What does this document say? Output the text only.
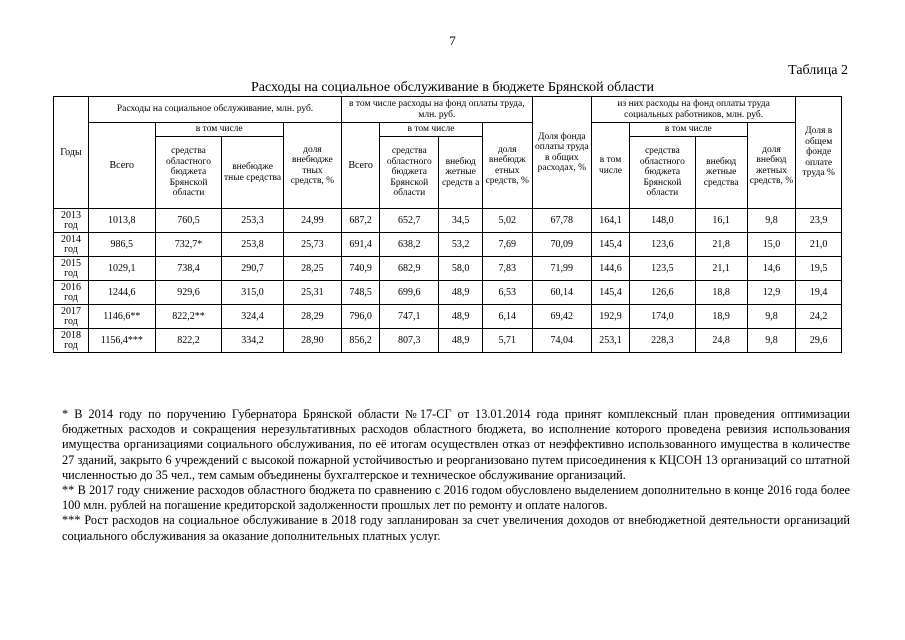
7
Таблица 2
Расходы на социальное обслуживание в бюджете Брянской области
Годы	Расходы на социальное обслуживание, млн. руб.				в том числе расходы на фонд оплаты труда, млн. руб.				Доля фонда оплаты труда в общих расходах, %	из них расходы на фонд оплаты труда социальных работников, млн. руб.				Доля в общем фонде оплате труда %
	Всего	в том числе		доля внебюдже тных средств, %	Всего	в том числе		доля внебюдж етных средств, %		в том числе	в том числе		доля внебюд жетных средств, %	
		средства областного бюджета Брянской области	внебюдже тные средства			средства областного бюджета Брянской области	внебюд жетные средств а				средства областного бюджета Брянской области	внебюд жетные средства		
2013 год	1013,8	760,5	253,3	24,99	687,2	652,7	34,5	5,02	67,78	164,1	148,0	16,1	9,8	23,9
2014 год	986,5	732,7*	253,8	25,73	691,4	638,2	53,2	7,69	70,09	145,4	123,6	21,8	15,0	21,0
2015 год	1029,1	738,4	290,7	28,25	740,9	682,9	58,0	7,83	71,99	144,6	123,5	21,1	14,6	19,5
2016 год	1244,6	929,6	315,0	25,31	748,5	699,6	48,9	6,53	60,14	145,4	126,6	18,8	12,9	19,4
2017 год	1146,6**	822,2**	324,4	28,29	796,0	747,1	48,9	6,14	69,42	192,9	174,0	18,9	9,8	24,2
2018 год	1156,4***	822,2	334,2	28,90	856,2	807,3	48,9	5,71	74,04	253,1	228,3	24,8	9,8	29,6

* В 2014 году по поручению Губернатора Брянской области №17-СГ от 13.01.2014 года принят комплексный план проведения оптимизации бюджетных расходов и сокращения нерезультативных расходов областного бюджета, во исполнение которого проведена ревизия использования имущества организациями социального обслуживания, по её итогам осуществлен отказ от неэффективно использованного имущества в количестве 27 зданий, закрыто 6 учреждений с высокой пожарной устойчивостью и реорганизовано путем присоединения к КЦСОН 13 организаций со штатной численностью до 35 чел., тем самым объединены бухгалтерское и техническое обслуживание организаций.

** В 2017 году снижение расходов областного бюджета по сравнению с 2016 годом обусловлено выделением дополнительно в конце 2016 года более 100 млн. рублей на погашение кредиторской задолженности прошлых лет по ремонту и оплате налогов.

*** Рост расходов на социальное обслуживание в 2018 году запланирован за счет увеличения доходов от внебюджетной деятельности организаций социального обслуживания за оказание дополнительных платных услуг.
